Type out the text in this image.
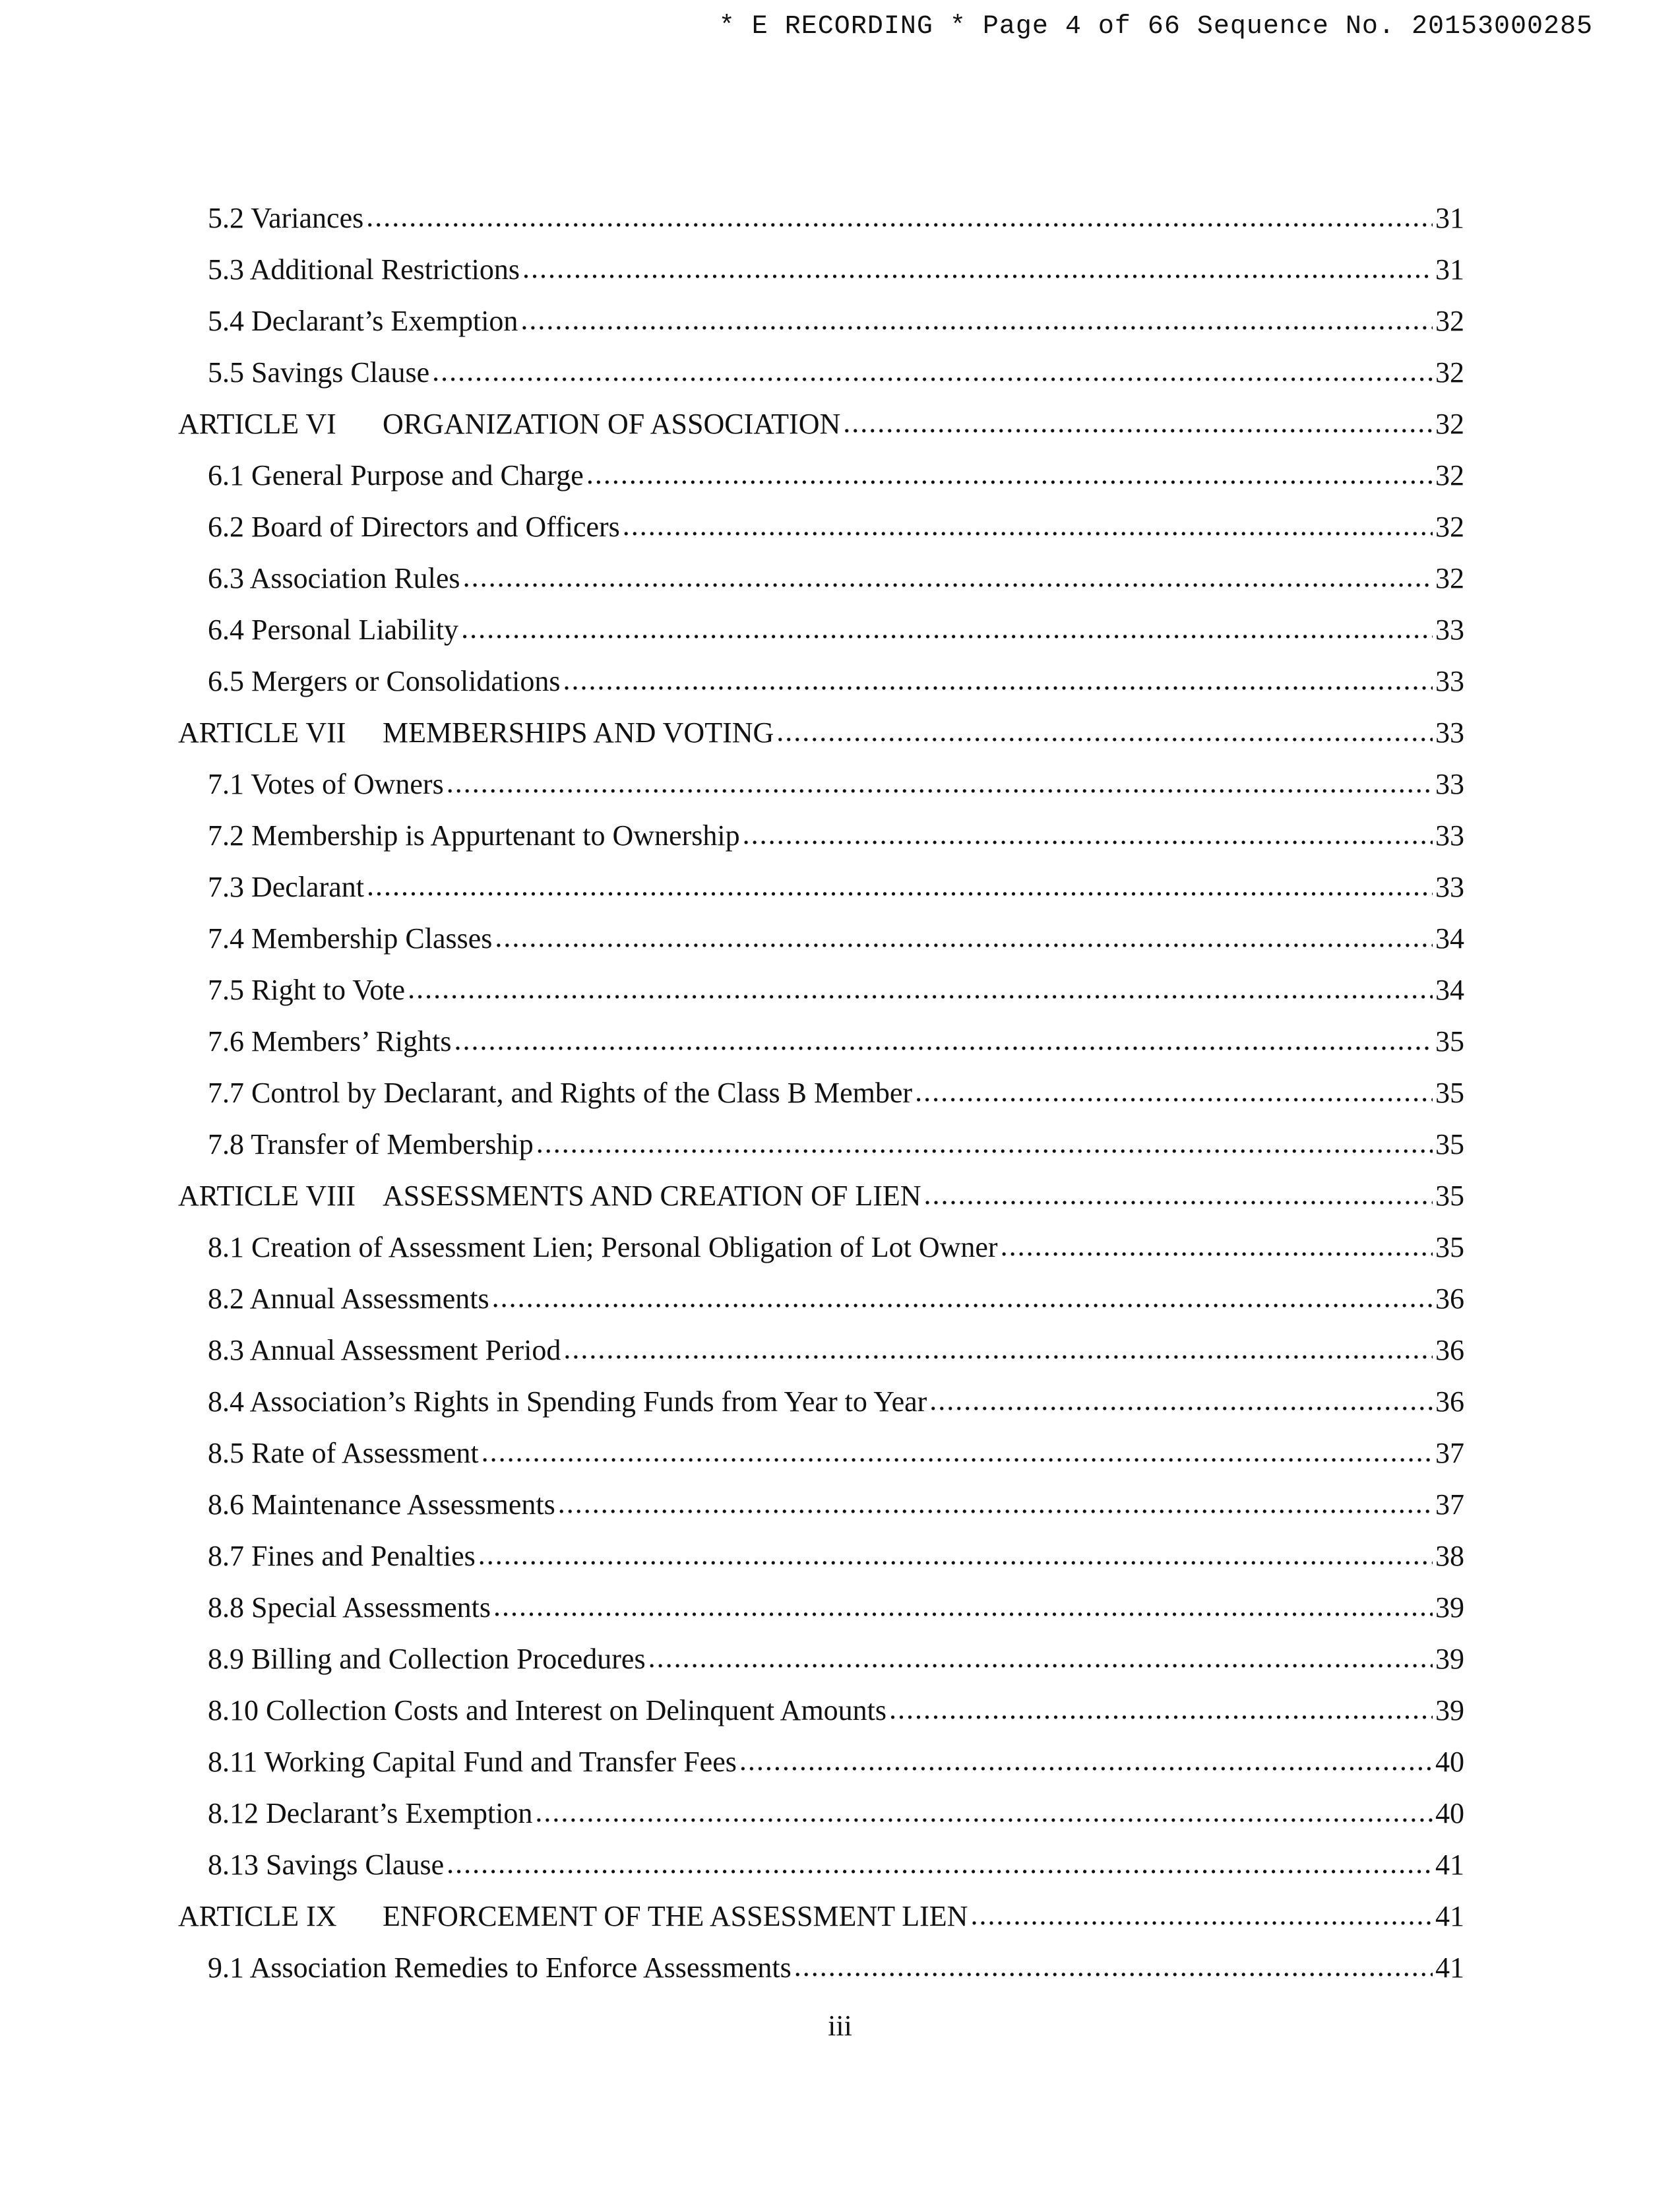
* E RECORDING * Page 4 of 66 Sequence No. 20153000285
5.2 Variances .....	31
5.3 Additional Restrictions .....	31
5.4 Declarant’s Exemption .....	32
5.5 Savings Clause .....	32
ARTICLE VI ORGANIZATION OF ASSOCIATION .....	32
6.1 General Purpose and Charge .....	32
6.2 Board of Directors and Officers .....	32
6.3 Association Rules .....	32
6.4 Personal Liability .....	33
6.5 Mergers or Consolidations .....	33
ARTICLE VII MEMBERSHIPS AND VOTING .....	33
7.1 Votes of Owners .....	33
7.2 Membership is Appurtenant to Ownership .....	33
7.3 Declarant .....	33
7.4 Membership Classes .....	34
7.5 Right to Vote .....	34
7.6 Members’ Rights .....	35
7.7 Control by Declarant, and Rights of the Class B Member .....	35
7.8 Transfer of Membership .....	35
ARTICLE VIII ASSESSMENTS AND CREATION OF LIEN .....	35
8.1 Creation of Assessment Lien; Personal Obligation of Lot Owner .....	35
8.2 Annual Assessments .....	36
8.3 Annual Assessment Period .....	36
8.4 Association’s Rights in Spending Funds from Year to Year .....	36
8.5 Rate of Assessment .....	37
8.6 Maintenance Assessments .....	37
8.7 Fines and Penalties .....	38
8.8 Special Assessments .....	39
8.9 Billing and Collection Procedures .....	39
8.10 Collection Costs and Interest on Delinquent Amounts .....	39
8.11 Working Capital Fund and Transfer Fees .....	40
8.12 Declarant’s Exemption .....	40
8.13 Savings Clause .....	41
ARTICLE IX ENFORCEMENT OF THE ASSESSMENT LIEN .....	41
9.1 Association Remedies to Enforce Assessments .....	41
iii
